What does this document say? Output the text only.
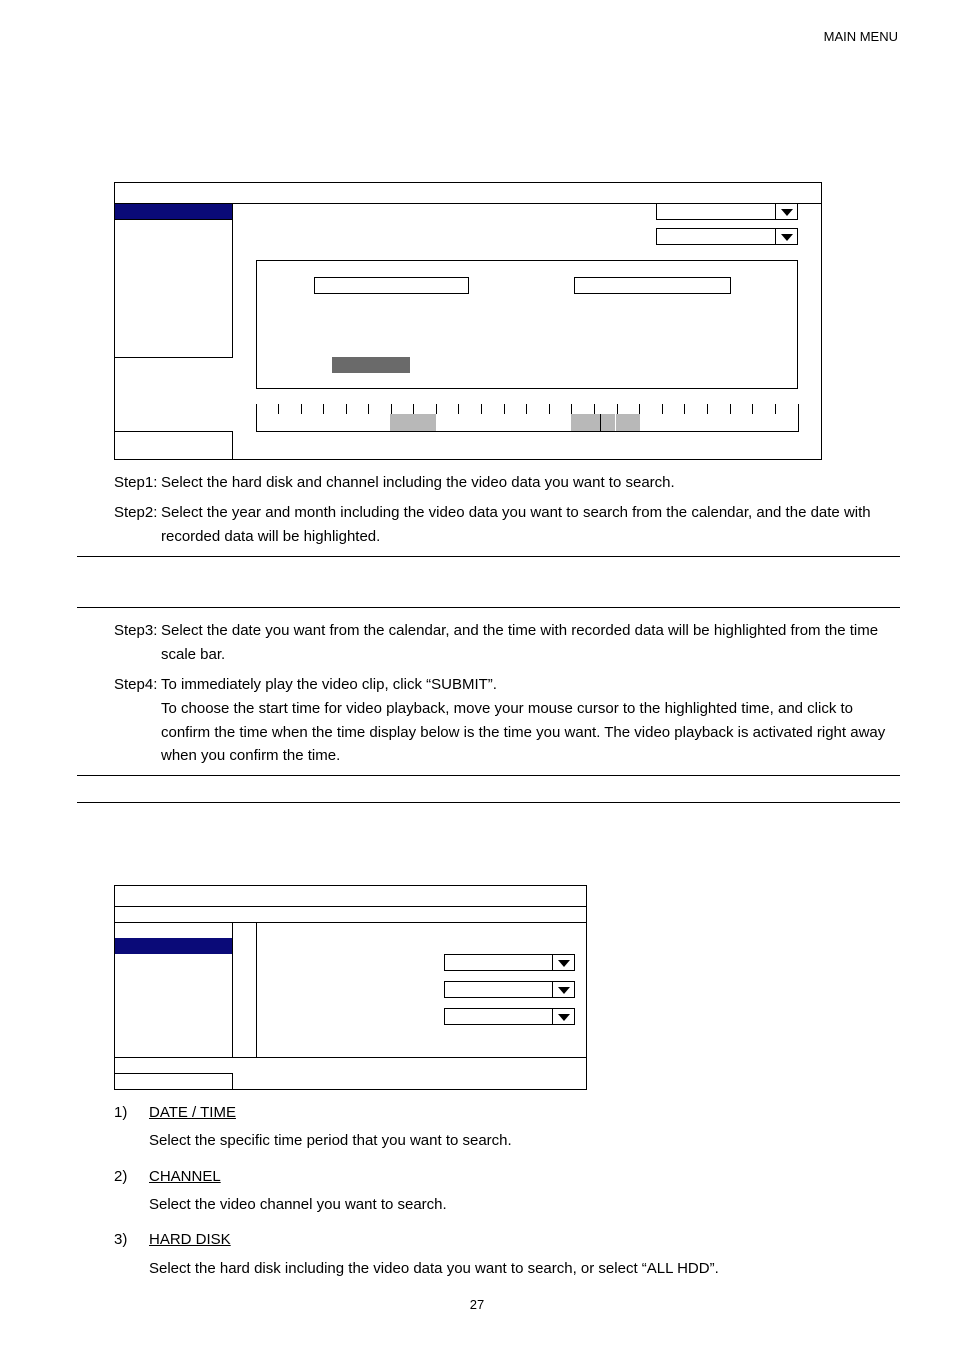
MAIN MENU
Step1: Select the hard disk and channel including the video data you want to search.
Step2: Select the year and month including the video data you want to search from the calendar, and the date with recorded data will be highlighted.
Step3: Select the date you want from the calendar, and the time with recorded data will be highlighted from the time scale bar.
Step4: To immediately play the video clip, click “SUBMIT”.
To choose the start time for video playback, move your mouse cursor to the highlighted time, and click to confirm the time when the time display below is the time you want. The video playback is activated right away when you confirm the time.
1) DATE / TIME
Select the specific time period that you want to search.
2) CHANNEL
Select the video channel you want to search.
3) HARD DISK
Select the hard disk including the video data you want to search, or select “ALL HDD”.
27
